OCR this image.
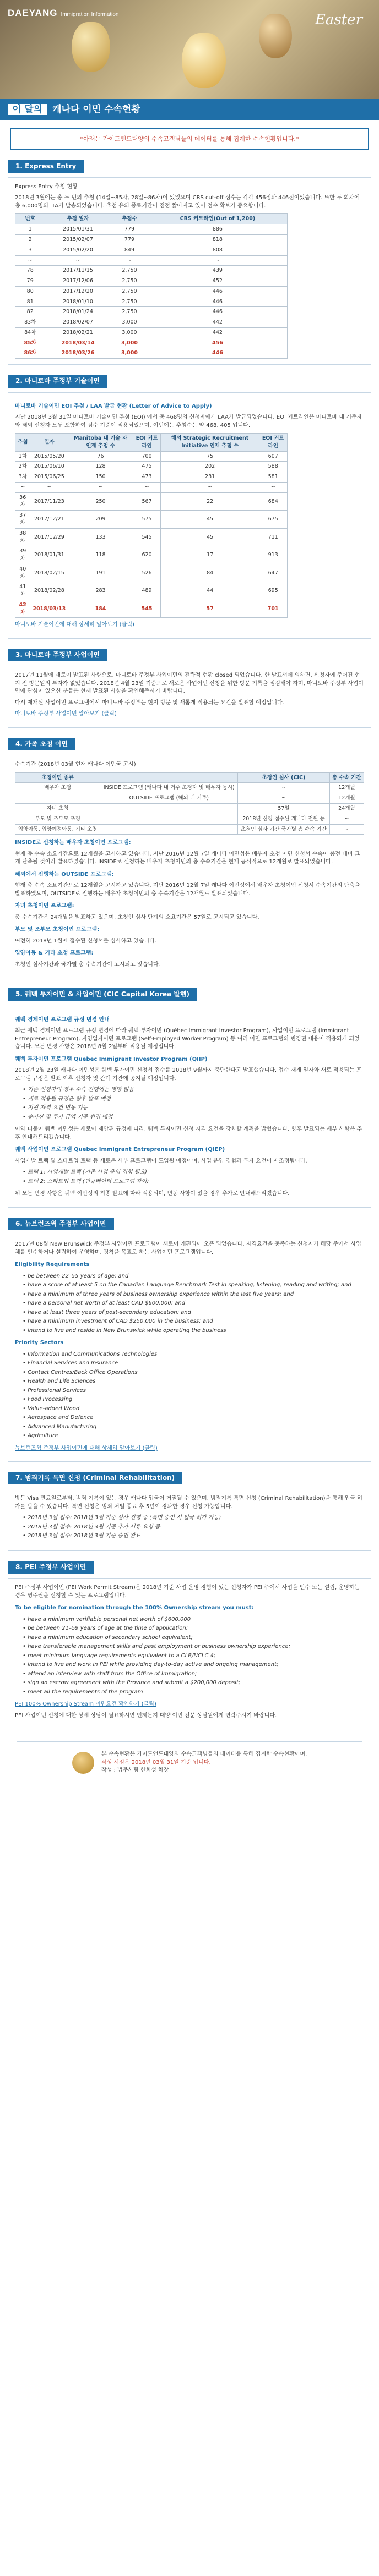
DAEYANG Immigration Information	Easter
이 달의 캐나다 이민 수속현황
*아래는 가이드앤드대양의 수속고객님들의 데이터를 통해 집계한 수속현황입니다.*
1. Express Entry

Express Entry 추첨 현황

2018년 3월에는 총 두 번의 추첨 (14일~85차, 28일~86차)이 있었으며 CRS cut-off 점수는 각각 456점과 446점이었습니다. 또한 두 회차에 총 6,000명의 ITA가 발송되었습니다. 추첨 유의 종료기간이 점점 짧아지고 있어 점수 확보가 중요합니다.

번호	추첨 일자	추첨수	CRS 커트라인(Out of 1,200)
1	2015/01/31	779	886
2	2015/02/07	779	818
3	2015/02/20	849	808
~	~	~	~
78	2017/11/15	2,750	439
79	2017/12/06	2,750	452
80	2017/12/20	2,750	446
81	2018/01/10	2,750	446
82	2018/01/24	2,750	446
83차	2018/02/07	3,000	442
84차	2018/02/21	3,000	442
85차	2018/03/14	3,000	456
86차	2018/03/26	3,000	446
2. 마니토바 주정부 기술이민

마니토바 기술이민 EOI 추첨 / LAA 발급 현황 (Letter of Advice to Apply)

지난 2018년 3월 31일 마니토바 기술이민 추첨 (EOI) 에서 총 468명의 신청자에게 LAA가 발급되었습니다. EOI 커트라인은 마니토바 내 거주자와 해외 신청자 모두 포함하여 점수 기준이 적용되었으며, 이번에는 추첨수는 약 468, 405 입니다.

추첨	일자	Manitoba 내 기술 자 인재 추첨 수	EOI 커트라인	해외 Strategic Recruitment Initiative 인재 추첨 수	EOI 커트라인
1차	2015/05/20	76	700	75	607
2차	2015/06/10	128	475	202	588
3차	2015/06/25	150	473	231	581
~	~	~	~	~	~
36차	2017/11/23	250	567	22	684
37차	2017/12/21	209	575	45	675
38차	2017/12/29	133	545	45	711
39차	2018/01/31	118	620	17	913
40차	2018/02/15	191	526	84	647
41차	2018/02/28	283	489	44	695
42차	2018/03/13	184	545	57	701

마니토바 기술이민에 대해 상세히 알아보기 (클릭)

3. 마니토바 주정부 사업이민

2017년 11월에 새로이 발표된 사항으로, 마니토바 주정부 사업이민의 전략적 현황 closed 되었습니다. 한 발표서에 의하면, 신청자에 주어진 현지 전 방문일의 투자가 없었습니다. 2018년 4월 23일 기준으로 새로운 사업이민 신청을 위한 방문 기록을 점검해야 하며, 마니토바 주정부 사업이민에 관심이 있으신 분들은 현재 발표된 사항을 확인해주시기 바랍니다.

다시 재개된 사업이민 프로그램에서 마니토바 주정부는 현지 방문 및 새롭게 적용되는 요건을 발표할 예정입니다.

마니토바 주정부 사업이민 알아보기 (클릭)

4. 가족 초청 이민

수속기간 (2018년 03월 현재 캐나다 이민국 고시)

초청이민 종류		초청인 심사 (CIC)	총 수속 기간
배우자 초청	INSIDE 프로그램 (캐나다 내 거주 초청자 및 배우자 동시)	~	12개월
	OUTSIDE 프로그램 (해외 내 거주)	~	12개월
자녀 초청		57일	24개월
부모 및 조부모 초청		2018년 신청 접수된 캐나다 전원 등	~
입양아동, 입양예정아동, 기타 초청		초청인 심사 기간 국가별 총 수속 기간	~

INSIDE로 신청하는 배우자 초청이민 프로그램:

현재 총 수속 소요기간으로 12개월을 고시하고 있습니다. 지난 2016년 12월 7일 캐나다 이민성은 배우자 초청 이민 신청서 수속이 종전 대비 크게 단축될 것이라 발표하였습니다. INSIDE로 신청하는 배우자 초청이민의 총 수속기간은 현재 공식적으로 12개월로 발표되었습니다.

해외에서 진행하는 OUTSIDE 프로그램:

현재 총 수속 소요기간으로 12개월을 고시하고 있습니다. 지난 2016년 12월 7일 캐나다 이민성에서 배우자 초청이민 신청서 수속기간의 단축을 발표하였으며, OUTSIDE로 진행하는 배우자 초청이민의 총 수속기간은 12개월로 발표되었습니다.

자녀 초청이민 프로그램:

총 수속기간은 24개월을 발표하고 있으며, 초청인 심사 단계의 소요기간은 57일로 고시되고 있습니다.

부모 및 조부모 초청이민 프로그램:

여전히 2018년 1월에 접수된 신청서를 심사하고 있습니다.

입양아동 & 기타 초청 프로그램:

초청인 심사기간과 국가별 총 수속기간이 고시되고 있습니다.

5. 퀘벡 투자이민 & 사업이민 (CIC Capital Korea 발행)

퀘벡 경제이민 프로그램 규정 변경 안내

최근 퀘벡 경제이민 프로그램 규정 변경에 따라 퀘벡 투자이민 (Québec Immigrant Investor Program), 사업이민 프로그램 (Immigrant Entrepreneur Program), 자영업자이민 프로그램 (Self-Employed Worker Program) 등 여러 이민 프로그램의 변경된 내용이 적용되게 되었습니다. 모든 변경 사항은 2018년 8월 2일부터 적용될 예정입니다.

퀘벡 투자이민 프로그램 Quebec Immigrant Investor Program (QIIP)

2018년 2월 23일 캐나다 이민성은 퀘벡 투자이민 신청서 접수를 2018년 9월까지 중단한다고 발표했습니다. 접수 재개 일자와 새로 적용되는 프로그램 규정은 발표 이후 신청자 및 관계 기관에 공지될 예정입니다.

• 기존 신청자의 경우 수속 진행에는 영향 없음
• 새로 적용될 규정은 향후 발표 예정
• 지원 자격 요건 변동 가능
• 순자산 및 투자 금액 기준 변경 예정

이와 더불어 퀘벡 이민성은 새로이 제안된 규정에 따라, 퀘벡 투자이민 신청 자격 요건을 강화할 계획을 밝혔습니다. 향후 발표되는 세부 사항은 추후 안내해드리겠습니다.

퀘벡 사업이민 프로그램 Quebec Immigrant Entrepreneur Program (QIEP)

사업개발 트랙 및 스타트업 트랙 등 새로운 세부 프로그램이 도입될 예정이며, 사업 운영 경험과 투자 요건이 재조정됩니다.

• 트랙 1: 사업개발 트랙 (기존 사업 운영 경험 필요)
• 트랙 2: 스타트업 트랙 (인큐베이터 프로그램 참여)

위 모든 변경 사항은 퀘벡 이민성의 최종 발표에 따라 적용되며, 변동 사항이 있을 경우 추가로 안내해드리겠습니다.

6. 뉴브런즈윅 주정부 사업이민

2017년 08월 New Brunswick 주정부 사업이민 프로그램이 새로이 개편되어 오픈 되었습니다. 자격요건을 충족하는 신청자가 해당 주에서 사업체를 인수하거나 설립하여 운영하며, 정착을 목표로 하는 사업이민 프로그램입니다.

Eligibility Requirements

• be between 22–55 years of age; and
• have a score of at least 5 on the Canadian Language Benchmark Test in speaking, listening, reading and writing; and
• have a minimum of three years of business ownership experience within the last five years; and
• have a personal net worth of at least CAD $600,000; and
• have at least three years of post-secondary education; and
• have a minimum investment of CAD $250,000 in the business; and
• intend to live and reside in New Brunswick while operating the business

Priority Sectors

• Information and Communications Technologies
• Financial Services and Insurance
• Contact Centres/Back Office Operations
• Health and Life Sciences
• Professional Services
• Food Processing
• Value-added Wood
• Aerospace and Defence
• Advanced Manufacturing
• Agriculture

뉴브런즈윅 주정부 사업이민에 대해 상세히 알아보기 (클릭)

7. 범죄기록 특면 신청 (Criminal Rehabilitation)

방문 Visa 만료일로부터, 범죄 기록이 있는 경우 캐나다 입국이 거절될 수 있으며, 범죄기록 특면 신청 (Criminal Rehabilitation)을 통해 입국 허가를 받을 수 있습니다. 특면 신청은 범죄 처벌 종료 후 5년이 경과한 경우 신청 가능합니다.

• 2018년 3월 접수: 2018년 3월 기준 심사 진행 중 (특면 승인 시 입국 허가 가능)
• 2018년 3월 접수: 2018년 3월 기준 추가 서류 요청 중
• 2018년 3월 접수: 2018년 3월 기준 승인 완료
8. PEI 주정부 사업이민

PEI 주정부 사업이민 (PEI Work Permit Stream)은 2018년 기준 사업 운영 경험이 있는 신청자가 PEI 주에서 사업을 인수 또는 설립, 운영하는 경우 영주권을 신청할 수 있는 프로그램입니다.

To be eligible for nomination through the 100% Ownership stream you must:

• have a minimum verifiable personal net worth of $600,000
• be between 21–59 years of age at the time of application;
• have a minimum education of secondary school equivalent;
• have transferable management skills and past employment or business ownership experience;
• meet minimum language requirements equivalent to a CLB/NCLC 4;
• intend to live and work in PEI while providing day-to-day active and ongoing management;
• attend an interview with staff from the Office of Immigration;
• sign an escrow agreement with the Province and submit a $200,000 deposit;
• meet all the requirements of the program

PEI 100% Ownership Stream 이민요건 확인하기 (클릭)

PEI 사업이민 신청에 대한 상세 상담이 필요하시면 언제든지 대양 이민 전문 상담원에게 연락주시기 바랍니다.

본 수속현황은 가이드앤드대양의 수속고객님들의 데이터를 통해 집계한 수속현황이며,
작성 시점은 2018년 03월 31일 기준 입니다.
작성 : 법무사팀 한희성 차장
